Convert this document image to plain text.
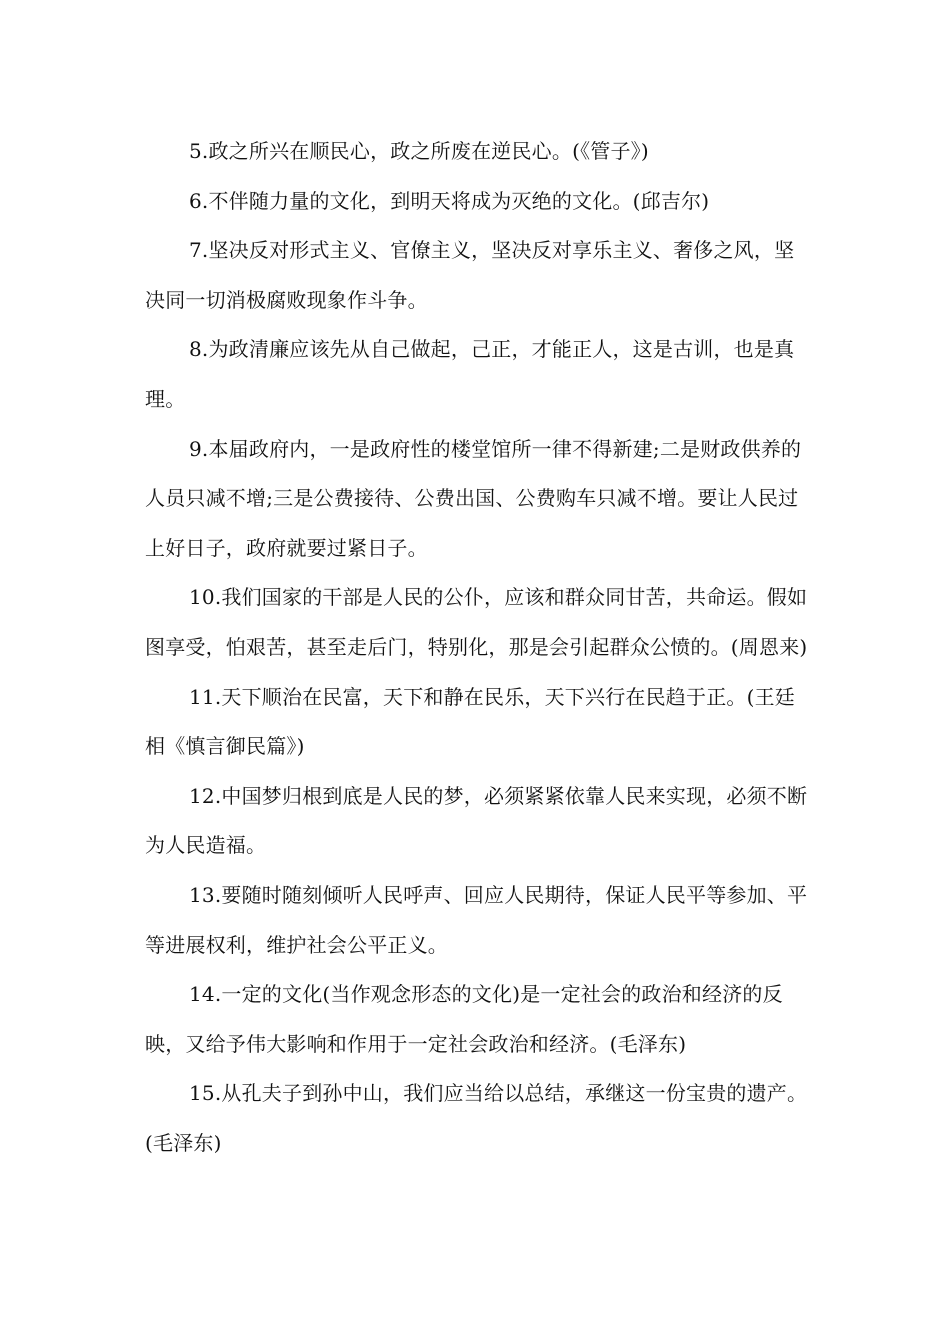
5.政之所兴在顺民心，政之所废在逆民心。(《管子》)

6.不伴随力量的文化，到明天将成为灭绝的文化。(邱吉尔)

7.坚决反对形式主义、官僚主义，坚决反对享乐主义、奢侈之风，坚决同一切消极腐败现象作斗争。

8.为政清廉应该先从自己做起，己正，才能正人，这是古训，也是真理。

9.本届政府内，一是政府性的楼堂馆所一律不得新建;二是财政供养的人员只减不增;三是公费接待、公费出国、公费购车只减不增。要让人民过上好日子，政府就要过紧日子。

10.我们国家的干部是人民的公仆，应该和群众同甘苦，共命运。假如图享受，怕艰苦，甚至走后门，特别化，那是会引起群众公愤的。(周恩来)

11.天下顺治在民富，天下和静在民乐，天下兴行在民趋于正。(王廷相《慎言御民篇》)

12.中国梦归根到底是人民的梦，必须紧紧依靠人民来实现，必须不断为人民造福。

13.要随时随刻倾听人民呼声、回应人民期待，保证人民平等参加、平等进展权利，维护社会公平正义。

14.一定的文化(当作观念形态的文化)是一定社会的政治和经济的反映，又给予伟大影响和作用于一定社会政治和经济。(毛泽东)

15.从孔夫子到孙中山，我们应当给以总结，承继这一份宝贵的遗产。(毛泽东)
